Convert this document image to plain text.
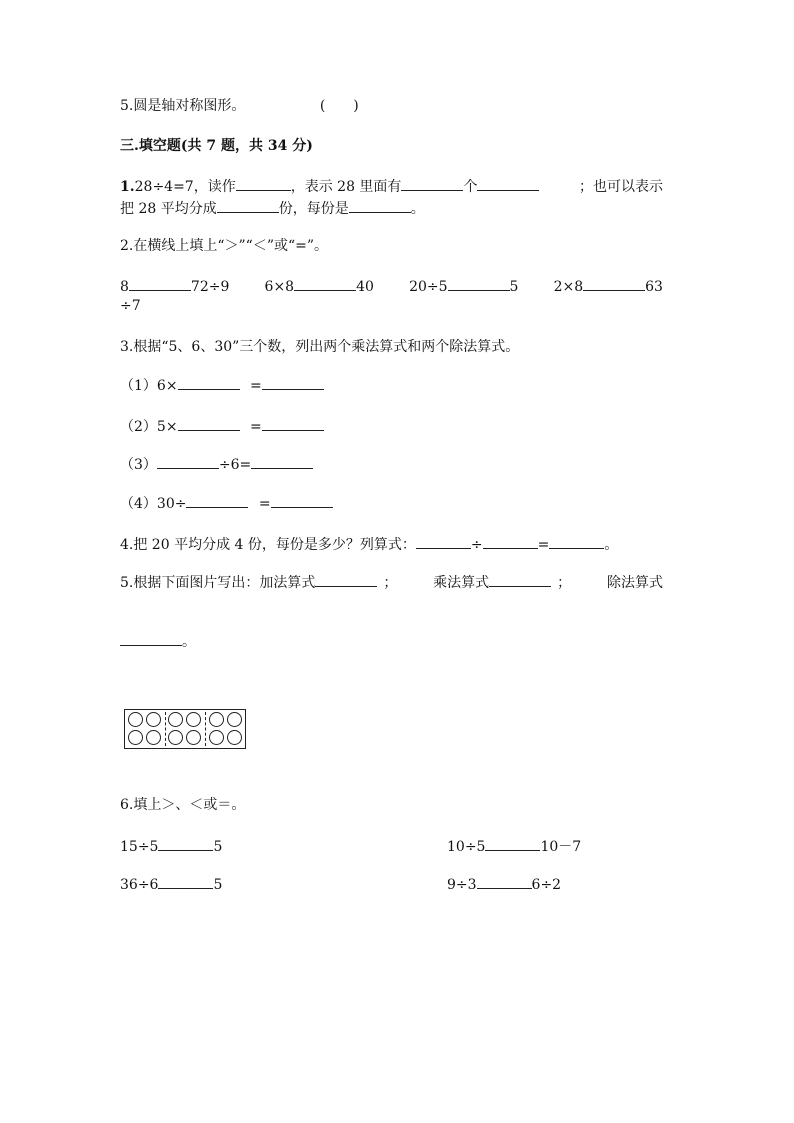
5.圆是轴对称图形。	(　　)
三.填空题(共 7 题，共 34 分)
1.28÷4=7，读作	，表示 28 里面有	个	；也可以表示
把 28 平均分成	份，每份是	。
2.在横线上填上“＞”“＜”或“=”。
8	72÷9	6×8	40	20÷5	5	2×8	63
÷7
3.根据“5、6、30”三个数，列出两个乘法算式和两个除法算式。
（1）6×	=
（2）5×	=
（3）	÷6=
（4）30÷	=
4.把 20 平均分成 4 份，每份是多少？列算式：	÷	=	。
5.根据下面图片写出：加法算式	；	乘法算式	；	除法算式
。
6.填上＞、＜或＝。
15÷5	5	10÷5	10－7
36÷6	5	9÷3	6÷2
